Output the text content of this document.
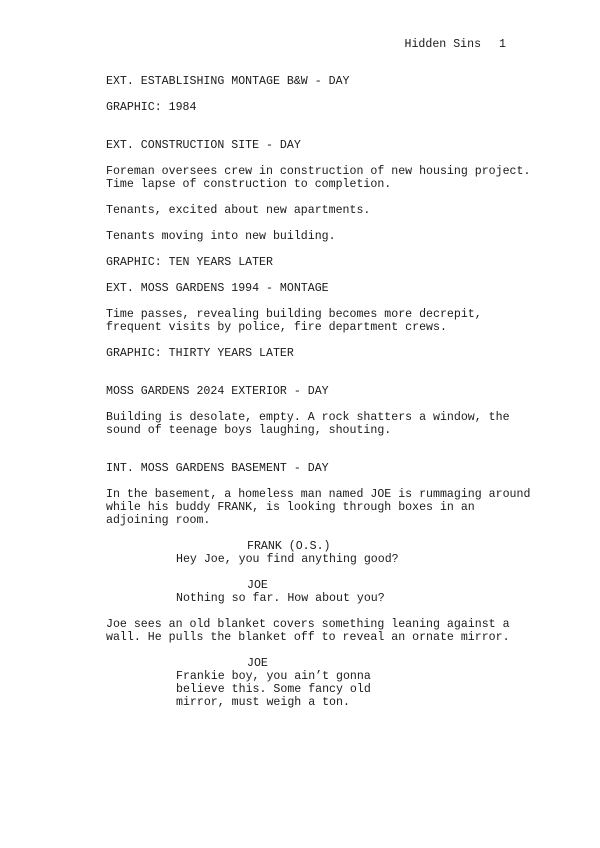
Hidden Sins 1
EXT. ESTABLISHING MONTAGE B&W - DAY
GRAPHIC: 1984
EXT. CONSTRUCTION SITE - DAY
Foreman oversees crew in construction of new housing project.
Time lapse of construction to completion.
Tenants, excited about new apartments.
Tenants moving into new building.
GRAPHIC: TEN YEARS LATER
EXT. MOSS GARDENS 1994 - MONTAGE
Time passes, revealing building becomes more decrepit,
frequent visits by police, fire department crews.
GRAPHIC: THIRTY YEARS LATER
MOSS GARDENS 2024 EXTERIOR - DAY
Building is desolate, empty. A rock shatters a window, the
sound of teenage boys laughing, shouting.
INT. MOSS GARDENS BASEMENT - DAY
In the basement, a homeless man named JOE is rummaging around
while his buddy FRANK, is looking through boxes in an
adjoining room.
FRANK (O.S.)
Hey Joe, you find anything good?
JOE
Nothing so far. How about you?
Joe sees an old blanket covers something leaning against a
wall. He pulls the blanket off to reveal an ornate mirror.
JOE
Frankie boy, you ain’t gonna
believe this. Some fancy old
mirror, must weigh a ton.
